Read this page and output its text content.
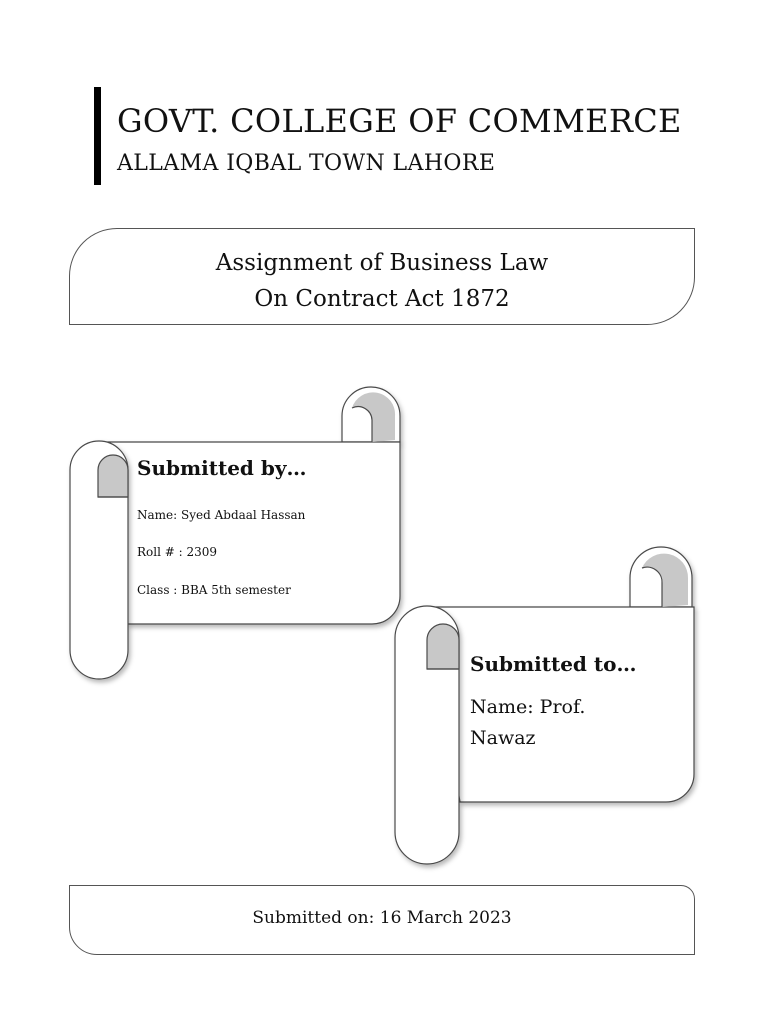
GOVT. COLLEGE OF COMMERCE
ALLAMA IQBAL TOWN LAHORE
Assignment of Business Law
On Contract Act 1872
Submitted by…
Name: Syed Abdaal Hassan
Roll # : 2309
Class : BBA 5th semester
Submitted to…
Name: Prof. Nawaz
Submitted on: 16 March 2023
